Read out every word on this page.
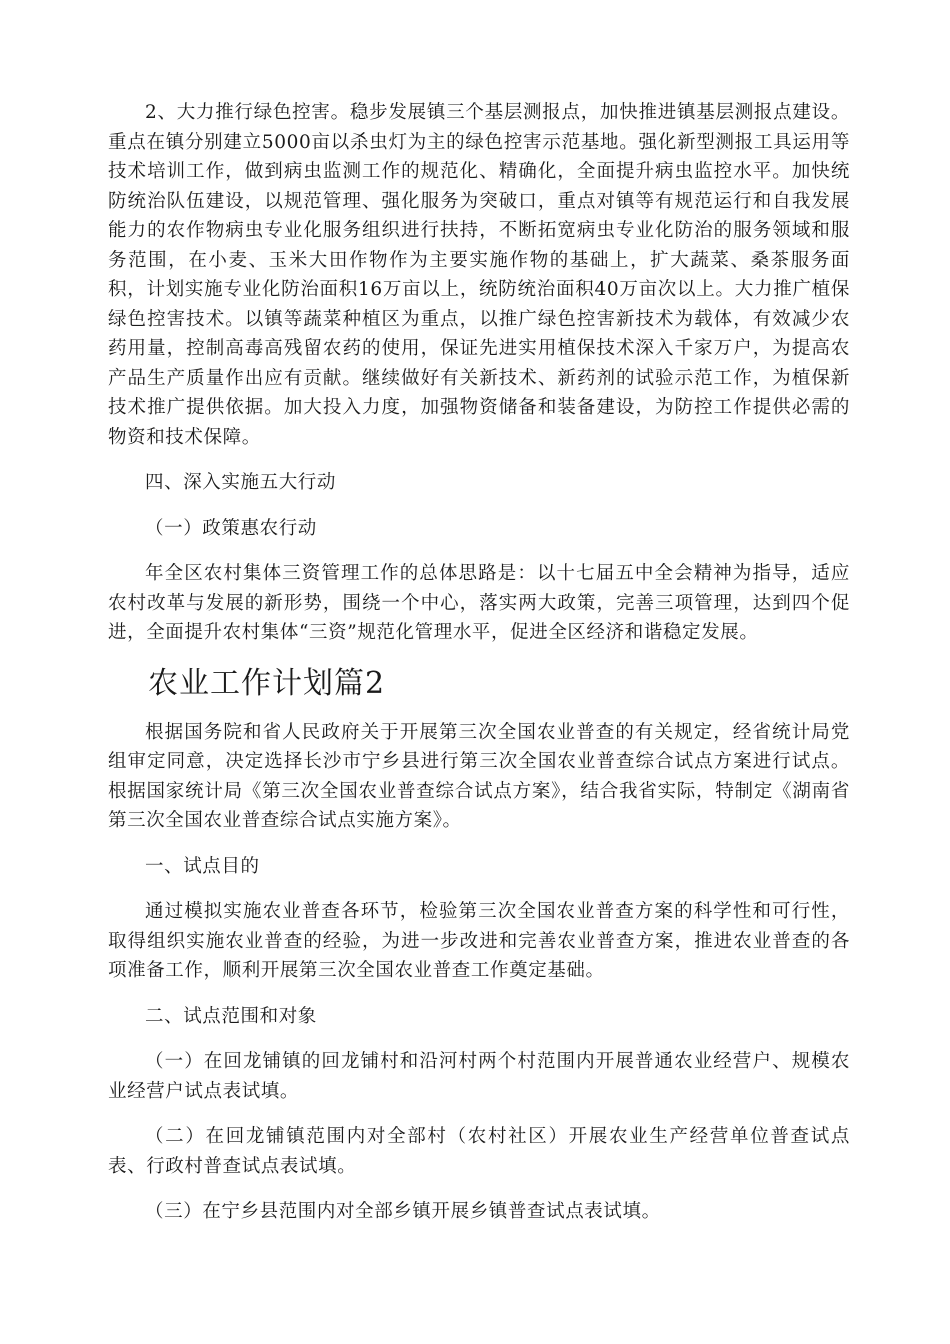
2、大力推行绿色控害。稳步发展镇三个基层测报点，加快推进镇基层测报点建设。重点在镇分别建立5000亩以杀虫灯为主的绿色控害示范基地。强化新型测报工具运用等技术培训工作，做到病虫监测工作的规范化、精确化，全面提升病虫监控水平。加快统防统治队伍建设，以规范管理、强化服务为突破口，重点对镇等有规范运行和自我发展能力的农作物病虫专业化服务组织进行扶持，不断拓宽病虫专业化防治的服务领域和服务范围，在小麦、玉米大田作物作为主要实施作物的基础上，扩大蔬菜、桑茶服务面积，计划实施专业化防治面积16万亩以上，统防统治面积40万亩次以上。大力推广植保绿色控害技术。以镇等蔬菜种植区为重点，以推广绿色控害新技术为载体，有效减少农药用量，控制高毒高残留农药的使用，保证先进实用植保技术深入千家万户，为提高农产品生产质量作出应有贡献。继续做好有关新技术、新药剂的试验示范工作，为植保新技术推广提供依据。加大投入力度，加强物资储备和装备建设，为防控工作提供必需的物资和技术保障。

四、深入实施五大行动

（一）政策惠农行动

年全区农村集体三资管理工作的总体思路是：以十七届五中全会精神为指导，适应农村改革与发展的新形势，围绕一个中心，落实两大政策，完善三项管理，达到四个促进，全面提升农村集体“三资”规范化管理水平，促进全区经济和谐稳定发展。

农业工作计划篇2

根据国务院和省人民政府关于开展第三次全国农业普查的有关规定，经省统计局党组审定同意，决定选择长沙市宁乡县进行第三次全国农业普查综合试点方案进行试点。根据国家统计局《第三次全国农业普查综合试点方案》，结合我省实际，特制定《湖南省第三次全国农业普查综合试点实施方案》。

一、试点目的

通过模拟实施农业普查各环节，检验第三次全国农业普查方案的科学性和可行性，取得组织实施农业普查的经验，为进一步改进和完善农业普查方案，推进农业普查的各项准备工作，顺利开展第三次全国农业普查工作奠定基础。

二、试点范围和对象

（一）在回龙铺镇的回龙铺村和沿河村两个村范围内开展普通农业经营户、规模农业经营户试点表试填。

（二）在回龙铺镇范围内对全部村（农村社区）开展农业生产经营单位普查试点表、行政村普查试点表试填。

（三）在宁乡县范围内对全部乡镇开展乡镇普查试点表试填。
